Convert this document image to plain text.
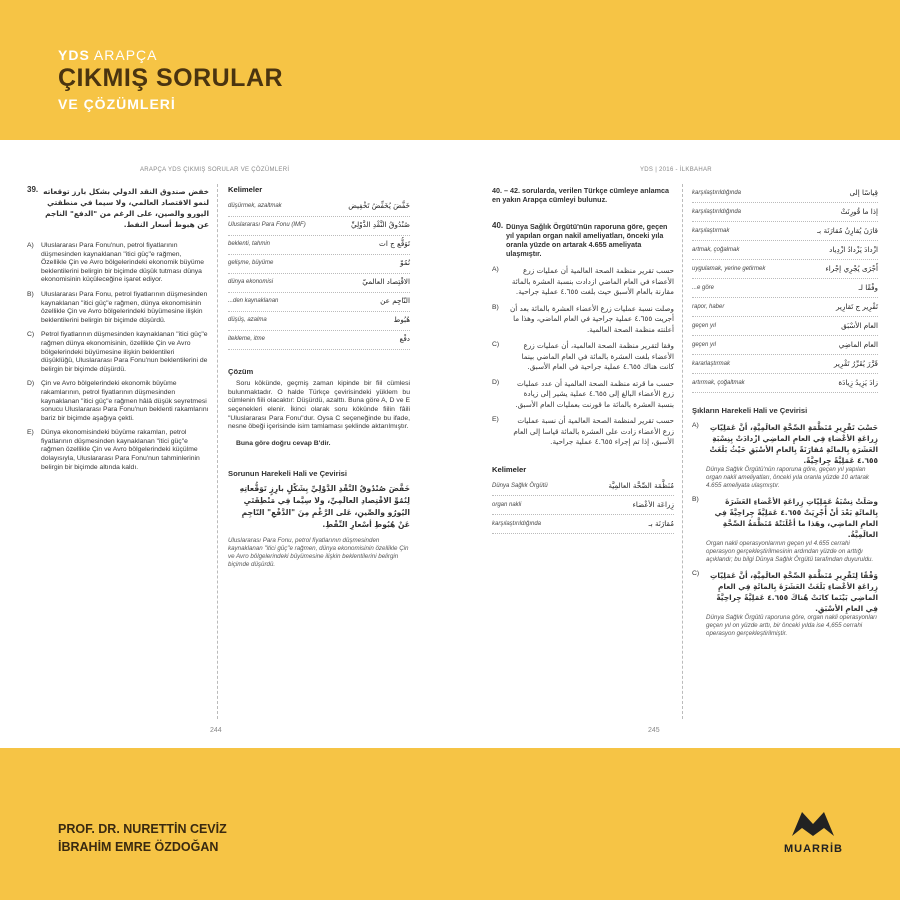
YDS ARAPÇA
ÇIKMIŞ SORULAR
VE ÇÖZÜMLERİ
ARAPÇA YDS ÇIKMIŞ SORULAR VE ÇÖZÜMLERİ	YDS | 2016 - İLKBAHAR
39. خفض صندوق النقد الدولي بشكل بارز توقعاته لنمو الاقتصاد العالمي، ولا سيما في منطقتي اليورو والصين، على الرغم من "الدفع" الناجم عن هبوط أسعار النفط.
A)	Uluslararası Para Fonu'nun, petrol fiyatlarının düşmesinden kaynaklanan "itici güç"e rağmen, Özellikle Çin ve Avro bölgelerindeki ekonomik büyüme beklentilerini belirgin bir biçimde düşük tutması dünya ekonomisinin küçüleceğine işaret ediyor.
B)	Uluslararası Para Fonu, petrol fiyatlarının düşmesinden kaynaklanan "itici güç"e rağmen, dünya ekonomisinin özellikle Çin ve Avro bölgelerindeki büyümesine ilişkin beklentilerini belirgin bir biçimde düşürdü.
C)	Petrol fiyatlarının düşmesinden kaynaklanan "itici güç"e rağmen dünya ekonomisinin, özellikle Çin ve Avro bölgelerindeki büyümesine ilişkin beklentileri düşüklüğü, Uluslararası Para Fonu'nun beklentilerini de belirgin bir biçimde düşürdü.
D)	Çin ve Avro bölgelerindeki ekonomik büyüme rakamlarının, petrol fiyatlarının düşmesinden kaynaklanan "itici güç"e rağmen hâlâ düşük seyretmesi sonucu Uluslararası Para Fonu'nun beklenti rakamlarını bariz bir biçimde aşağıya çekti.
E)	Dünya ekonomisindeki büyüme rakamları, petrol fiyatlarının düşmesinden kaynaklanan "itici güç"e rağmen özellikle Çin ve Avro bölgelerindeki küçülme dolayısıyla, Uluslararası Para Fonu'nun tahminlerinin belirgin bir biçimde altında kaldı.
Kelimeler
düşürmek, azaltmak	خَفَّضَ يُخَفِّضُ تَخْفِيض
Uluslararası Para Fonu (IMF)	صُنْدُوقُ النَّقْدِ الدَّوْلِيِّ
beklenti, tahmin	تَوَقُّع ج ات
gelişme, büyüme	نُمُوّ
dünya ekonomisi	الاقْتِصاد العالميّ
...den kaynaklanan	النّاجِم عن
düşüş, azalma	هُبُوط
itekleme, itme	دفْع
Çözüm
Soru kökünde, geçmiş zaman kipinde bir fiil cümlesi bulunmaktadır. O halde Türkçe çevirisindeki yüklem bu cümlenin fiili olacaktır: Düşürdü, azalttı. Buna göre A, D ve E seçenekleri elenir. İkinci olarak soru kökünde fiilin fâili "Uluslararası Para Fonu"dur. Oysa C seçeneğinde bu ifade, nesne öbeği içerisinde isim tamlaması şeklinde aktarılmıştır.
Buna göre doğru cevap B'dir.
Sorunun Harekeli Hali ve Çevirisi
خَفَّضَ صُنْدُوقُ النَّقْدِ الدَّوْلِيِّ بِشَكْلٍ بارِزٍ تَوَقُّعاتِهِ لِنُمُوِّ الاقْتِصادِ العالَمِيِّ، ولا سِيَّما فِي مَنْطِقَتَيِ اليُورُو والصِّينِ، عَلى الرَّغْمِ مِنَ "الدَّفْعِ" النّاجِمِ عَنْ هُبُوطِ أسْعارِ النِّفْطِ.
Uluslararası Para Fonu, petrol fiyatlarının düşmesinden kaynaklanan "itici güç"e rağmen, dünya ekonomisinin özellikle Çin ve Avro bölgelerindeki büyümesine ilişkin beklentilerini belirgin biçimde düşürdü.
244
40. – 42. sorularda, verilen Türkçe cümleye anlamca en yakın Arapça cümleyi bulunuz.
40. Dünya Sağlık Örgütü'nün raporuna göre, geçen yıl yapılan organ nakil ameliyatları, önceki yıla oranla yüzde on artarak 4.655 ameliyata ulaşmıştır.
A)	حسب تقرير منظمة الصحة العالمية أن عمليات زرع الأعضاء في العام الماضي ازدادت بنسبة العشرة بالمائة مقارنة بالعام الأسبق حيث بلغت ٤.٦٥٥ عملية جراحية.
B)	وصلت نسبة عمليات زرع الأعضاء العشرة بالمائة بعد أن أجريت ٤.٦٥٥ عملية جراحية في العام الماضي، وهذا ما أعلنته منظمة الصحة العالمية.
C)	وفقا لتقرير منظمة الصحة العالمية، أن عمليات زرع الأعضاء بلغت العشرة بالمائة في العام الماضي بينما كانت هناك ٤.٦٥٥ عملية جراحية في العام الأسبق.
D)	حسب ما قرته منظمة الصحة العالمية أن عدد عمليات زرع الأعضاء البالغ إلى ٤.٦٥٥ عملية يشير إلى زيادة بنسبة العشرة بالمائة ما قورنت بعمليات العام الأسبق.
E)	حسب تقرير لمنظمة الصحة العالمية أن نسبة عمليات زرع الأعضاء زادت على العشرة بالمائة قياسا إلى العام الأسبق، إذا تم إجراء ٤.٦٥٥ عملية جراحية.
Kelimeler
Dünya Sağlık Örgütü	مُنَظَّمَة الصِّحَّة العالمِيَّة
organ nakli	زِراعَة الأعْضاء
karşılaştırıldığında	مُقارَنَة بـ
karşılaştırıldığında	قِياسًا إلى
karşılaştırıldığında	إذا ما قُورِنَتْ
karşılaştırmak	قارَنَ يُقارِنُ مُقارَنَة بـ
artmak, çoğalmak	ازْدادَ يَزْدادُ ازْدِياد
uygulamak, yerine getirmek	أَجْرَى يُجْرِي إجْراء
...e göre	وفْقًا لـ
rapor, haber	تَقْرِير ج تَقارِير
geçen yıl	العام الأسْبَق
geçen yıl	العام الماضِي
kararlaştırmak	قَرَّرَ يُقَرِّرُ تَقْرِير
artırmak, çoğaltmak	زادَ يَزِيدُ زِيادَة
Şıkların Harekeli Hali ve Çevirisi
A)	حَسْبَ تَقْرِيرِ مُنَظَّمَةِ الصِّحَّةِ العالَمِيَّةِ، أنَّ عَمَلِيّاتِ زِراعَةِ الأعْضاءِ فِي العامِ الماضِي ازْدادَتْ بِنِسْبَةِ العَشَرَةِ بِالمائَةِ مُقارَنَةً بِالعامِ الأسْبَقِ حَيْثُ بَلَغَتْ ٤.٦٥٥ عَمَلِيَّةً جِراحِيَّةً.
Dünya Sağlık Örgütü'nün raporuna göre, geçen yıl yapılan organ nakil ameliyatları, önceki yıla oranla yüzde 10 artarak 4.655 ameliyata ulaşmıştır.
B)	وصَلَتْ نِسْبَةُ عَمَلِيّاتِ زِراعَةِ الأعْضاءِ العَشَرَةَ بِالمائَةِ بَعْدَ أنْ أُجْرِيَتْ ٤.٦٥٥ عَمَلِيَّةً جِراحِيَّةً فِي العامِ الماضِي، وهَذا ما أعْلَنَتْهُ مُنَظَّمَةُ الصِّحَّةِ العالَمِيَّةُ.
Organ nakli operasyonlarının geçen yıl 4.655 cerrahi operasyon gerçekleştirilmesinin ardından yüzde on arttığı açıklandı; bu bilgi Dünya Sağlık Örgütü tarafından duyuruldu.
C)	وَفْقًا لِتَقْرِيرِ مُنَظَّمَةِ الصِّحَّةِ العالَمِيَّةِ، أنَّ عَمَلِيّاتِ زِراعَةِ الأعْضاءِ بَلَغَتْ العَشَرَةَ بِالمائَةِ فِي العامِ الماضِي بَيْنَما كانَتْ هُناكَ ٤.٦٥٥ عَمَلِيَّةً جِراحِيَّةً فِي العامِ الأسْبَقِ.
Dünya Sağlık Örgütü raporuna göre, organ nakli operasyonları geçen yıl on yüzde arttı, bir önceki yılda ise 4,655 cerrahi operasyon gerçekleştirilmiştir.
245
PROF. DR. NURETTİN CEVİZ
İBRAHİM EMRE ÖZDOĞAN	MUARRİB
